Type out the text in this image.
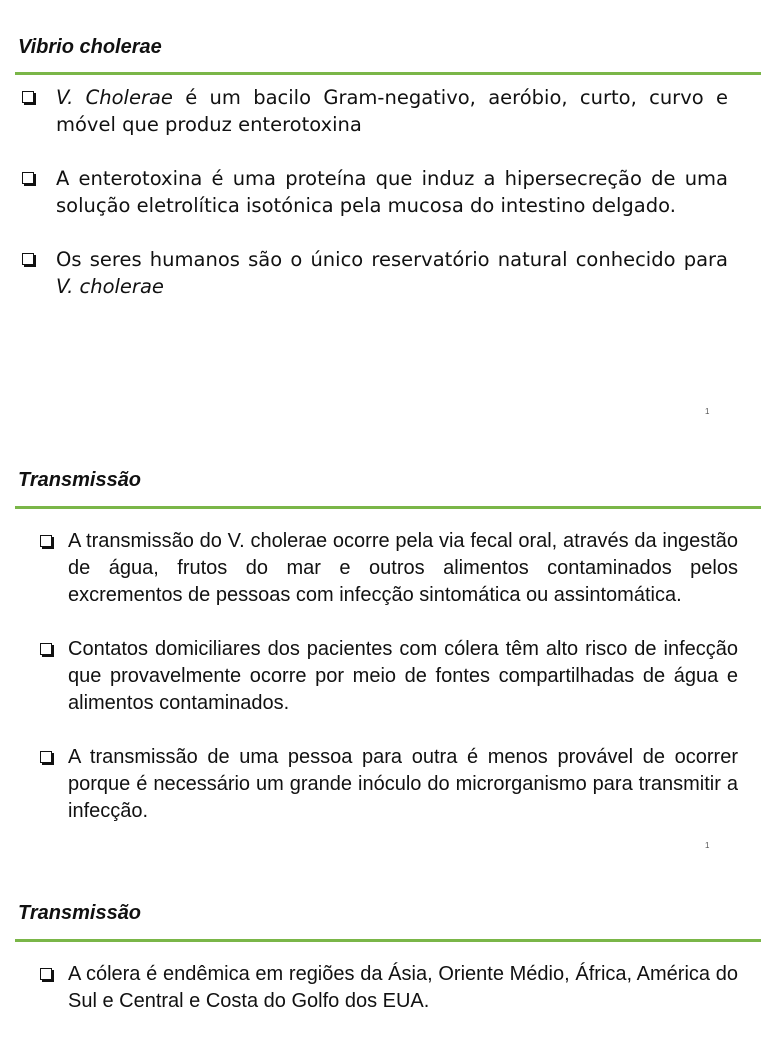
Vibrio cholerae
V. Cholerae é um bacilo Gram-negativo, aeróbio, curto, curvo e móvel que produz enterotoxina
A enterotoxina é uma proteína que induz a hipersecreção de uma solução eletrolítica isotónica pela mucosa do intestino delgado.
Os seres humanos são o único reservatório natural conhecido para V. cholerae
1
Transmissão
A transmissão do V. cholerae ocorre pela via fecal oral, através da ingestão de água, frutos do mar e outros alimentos contaminados pelos excrementos de pessoas com infecção sintomática ou assintomática.
Contatos domiciliares dos pacientes com cólera têm alto risco de infecção que provavelmente ocorre por meio de fontes compartilhadas de água e alimentos contaminados.
A transmissão de uma pessoa para outra é menos provável de ocorrer porque é necessário um grande inóculo do microrganismo para transmitir a infecção.
1
Transmissão
A cólera é endêmica em regiões da Ásia, Oriente Médio, África, América do Sul e Central e Costa do Golfo dos EUA.
